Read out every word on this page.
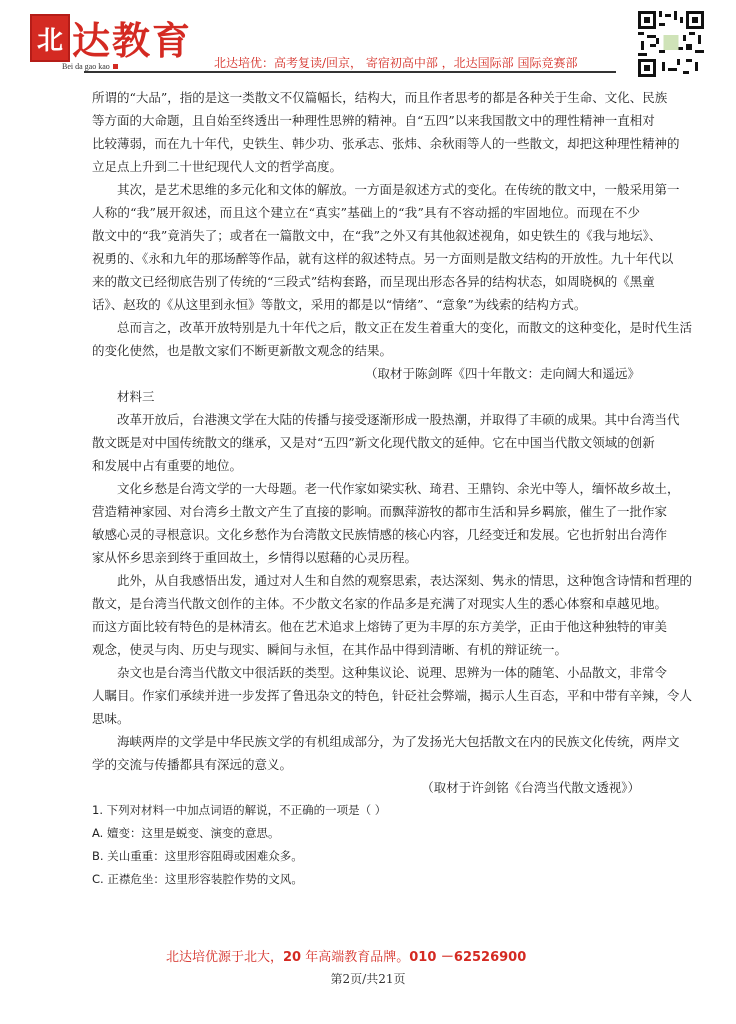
北 达教育
Bei da gao kao	北达培优：高考复读/回京， 寄宿初高中部 ，北达国际部 国际竞赛部
所谓的“大品”，指的是这一类散文不仅篇幅长，结构大，而且作者思考的都是各种关于生命、文化、民族
等方面的大命题，且自始至终透出一种理性思辨的精神。自“五四”以来我国散文中的理性精神一直相对
比较薄弱，而在九十年代，史铁生、韩少功、张承志、张炜、余秋雨等人的一些散文，却把这种理性精神的
立足点上升到二十世纪现代人文的哲学高度。
其次，是艺术思维的多元化和文体的解放。一方面是叙述方式的变化。在传统的散文中，一般采用第一
人称的“我”展开叙述，而且这个建立在“真实”基础上的“我”具有不容动摇的牢固地位。而现在不少
散文中的“我”竟消失了；或者在一篇散文中，在“我”之外又有其他叙述视角，如史铁生的《我与地坛》、
祝勇的、《永和九年的那场醉等作品，就有这样的叙述特点。另一方面则是散文结构的开放性。九十年代以
来的散文已经彻底告别了传统的“三段式”结构套路，而呈现出形态各异的结构状态，如周晓枫的《黑童
话》、赵玫的《从这里到永恒》等散文，采用的都是以“情绪”、“意象”为线索的结构方式。
总而言之，改革开放特别是九十年代之后，散文正在发生着重大的变化，而散文的这种变化，是时代生活
的变化使然，也是散文家们不断更新散文观念的结果。
（取材于陈剑晖《四十年散文：走向阔大和遥远》
材料三
改革开放后，台港澳文学在大陆的传播与接受逐渐形成一股热潮，并取得了丰硕的成果。其中台湾当代
散文既是对中国传统散文的继承，又是对“五四”新文化现代散文的延伸。它在中国当代散文领域的创新
和发展中占有重要的地位。
文化乡愁是台湾文学的一大母题。老一代作家如梁实秋、琦君、王鼎钧、余光中等人，缅怀故乡故土，
营造精神家园、对台湾乡土散文产生了直接的影响。而飘萍游牧的都市生活和异乡羁旅，催生了一批作家
敏感心灵的寻根意识。文化乡愁作为台湾散文民族情感的核心内容，几经变迁和发展。它也折射出台湾作
家从怀乡思亲到终于重回故土，乡情得以慰藉的心灵历程。
此外，从自我感悟出发，通过对人生和自然的观察思索，表达深刻、隽永的情思，这种饱含诗情和哲理的
散文，是台湾当代散文创作的主体。不少散文名家的作品多是充满了对现实人生的悉心体察和卓越见地。
而这方面比较有特色的是林清玄。他在艺术追求上熔铸了更为丰厚的东方美学，正由于他这种独特的审美
观念，使灵与肉、历史与现实、瞬间与永恒，在其作品中得到清晰、有机的辩证统一。
杂文也是台湾当代散文中很活跃的类型。这种集议论、说理、思辨为一体的随笔、小品散文，非常令
人瞩目。作家们承续并进一步发挥了鲁迅杂文的特色，针砭社会弊端，揭示人生百态，平和中带有辛辣，令人
思味。
海峡两岸的文学是中华民族文学的有机组成部分，为了发扬光大包括散文在内的民族文化传统，两岸文
学的交流与传播都具有深远的意义。
（取材于许剑铭《台湾当代散文透视》）
1. 下列对材料一中加点词语的解说，不正确的一项是（ ）
A. 嬗变：这里是蜕变、演变的意思。
B. 关山重重：这里形容阻碍或困难众多。
C. 正襟危坐：这里形容装腔作势的文风。
北达培优源于北大，20 年高端教育品牌。010 －62526900
第2页/共21页
